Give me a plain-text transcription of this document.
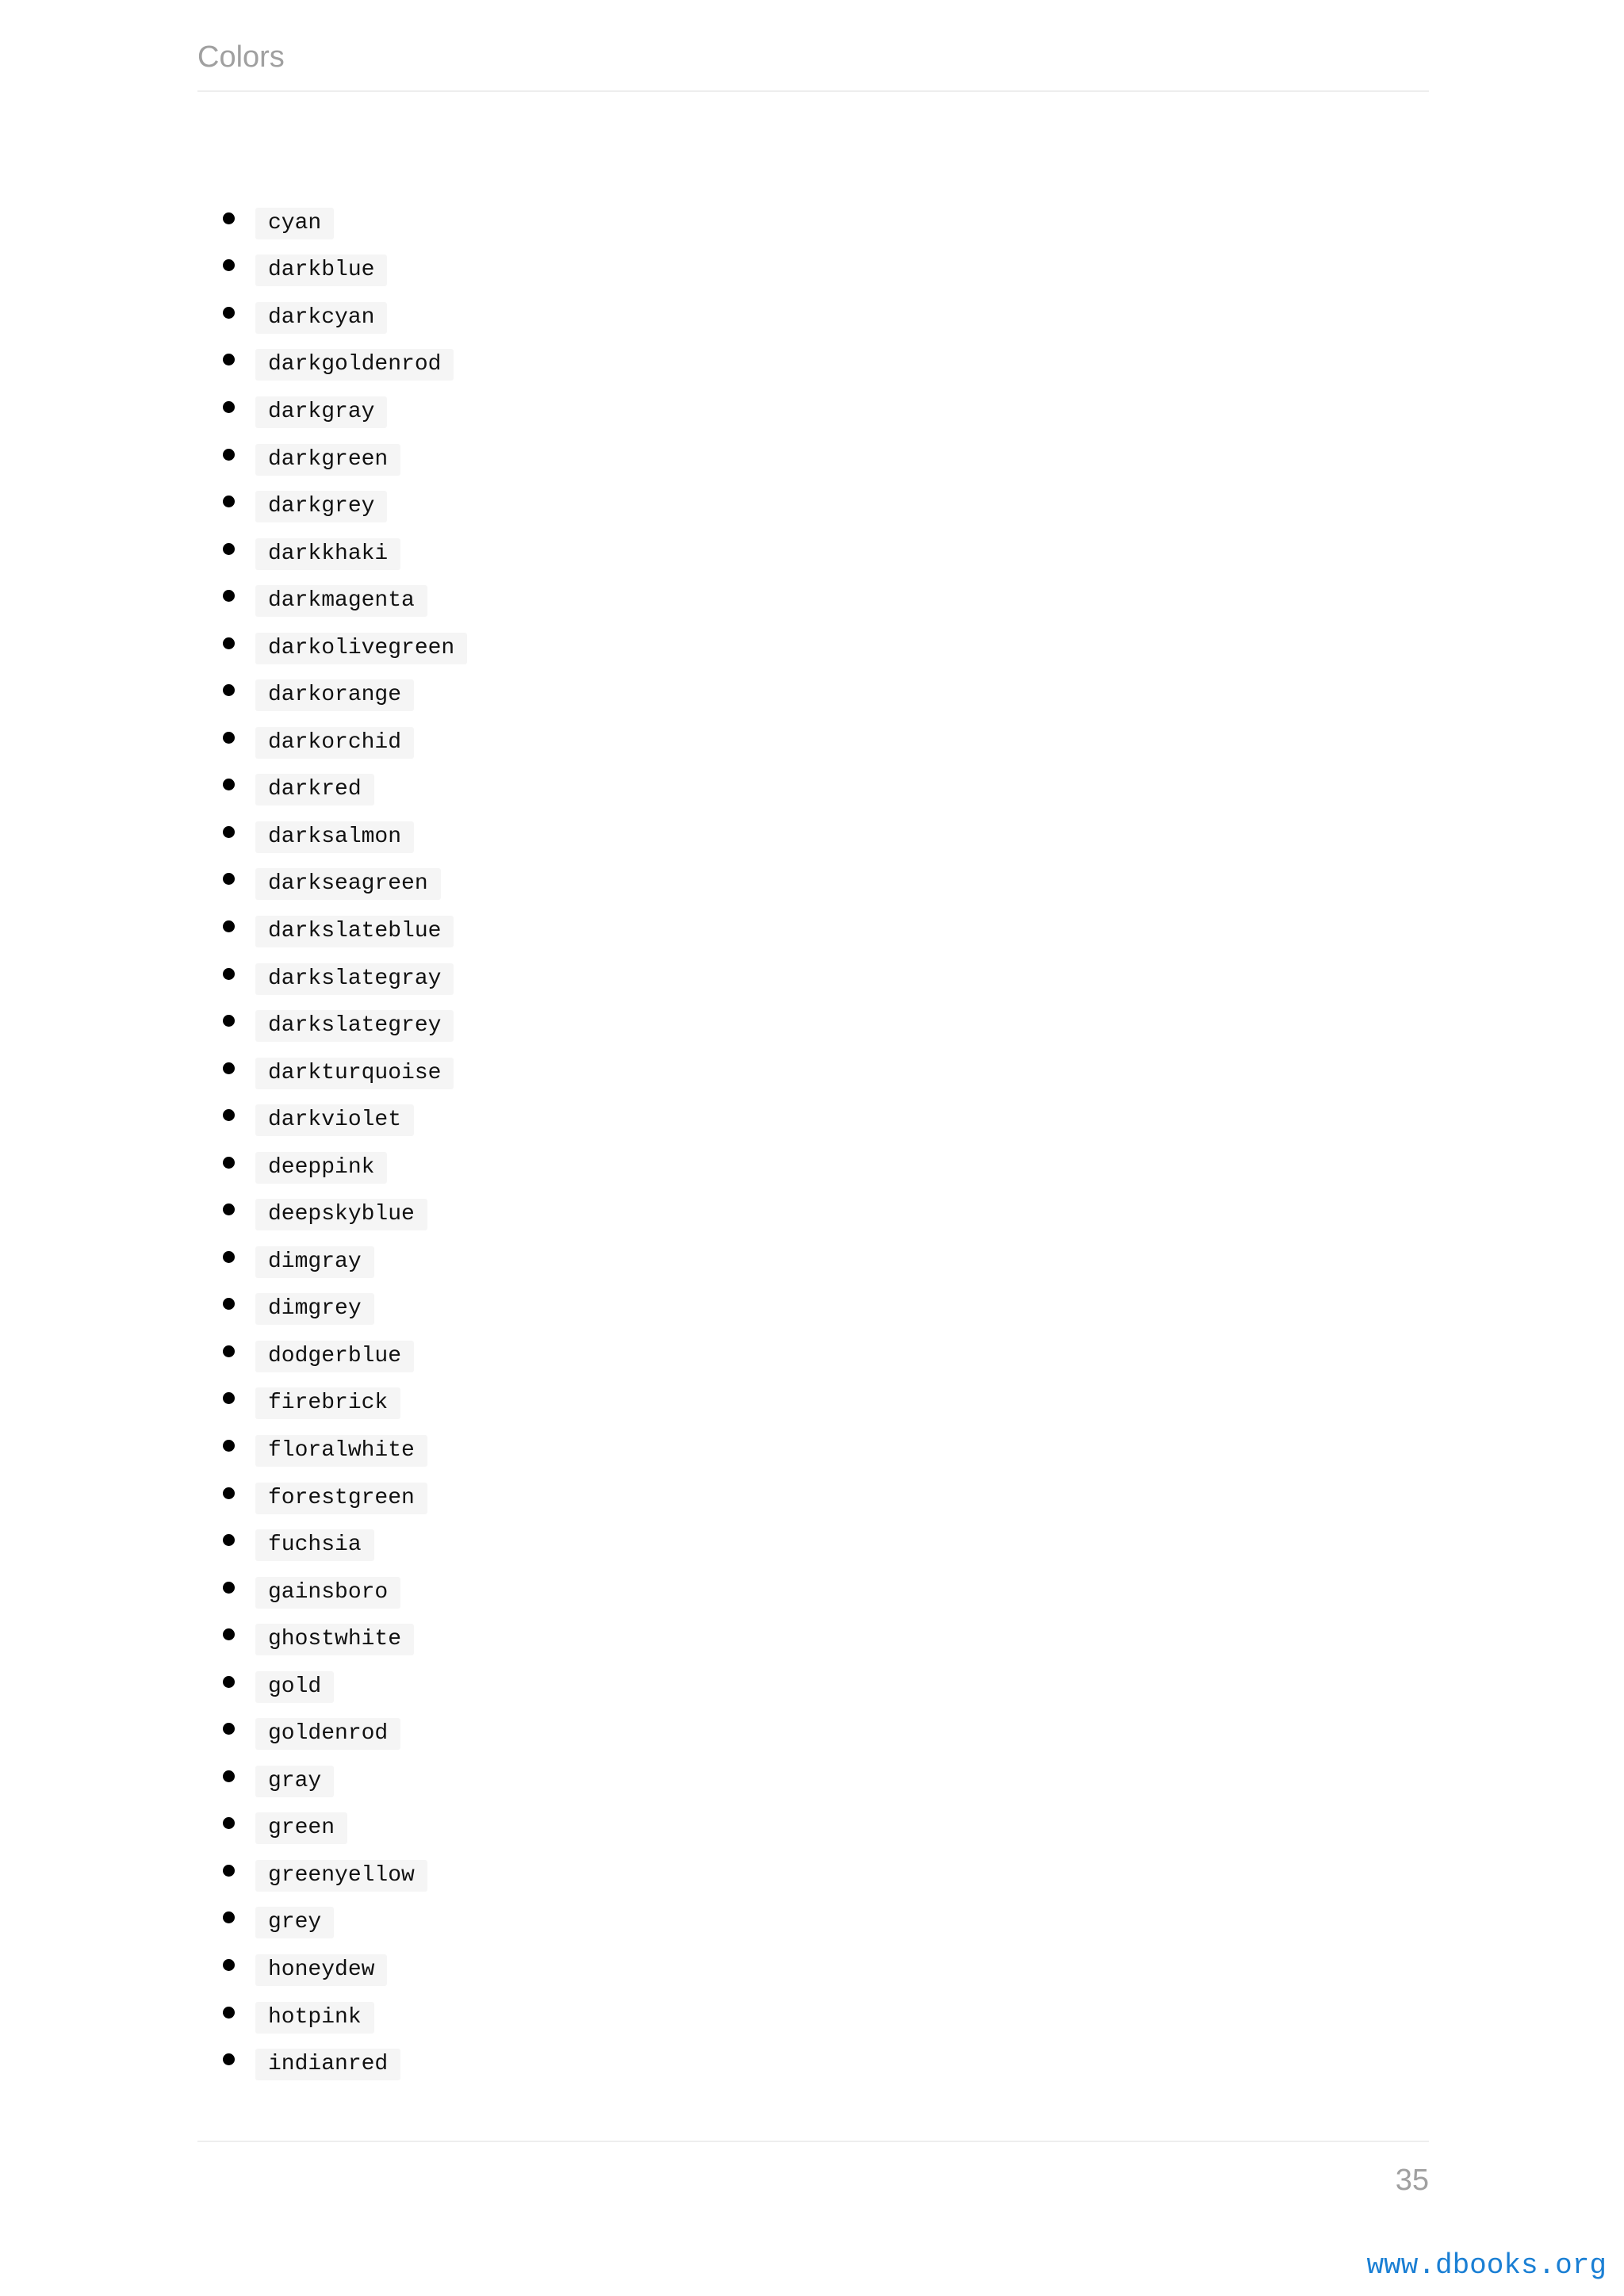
Colors
cyan
darkblue
darkcyan
darkgoldenrod
darkgray
darkgreen
darkgrey
darkkhaki
darkmagenta
darkolivegreen
darkorange
darkorchid
darkred
darksalmon
darkseagreen
darkslateblue
darkslategray
darkslategrey
darkturquoise
darkviolet
deeppink
deepskyblue
dimgray
dimgrey
dodgerblue
firebrick
floralwhite
forestgreen
fuchsia
gainsboro
ghostwhite
gold
goldenrod
gray
green
greenyellow
grey
honeydew
hotpink
indianred
35
www.dbooks.org
